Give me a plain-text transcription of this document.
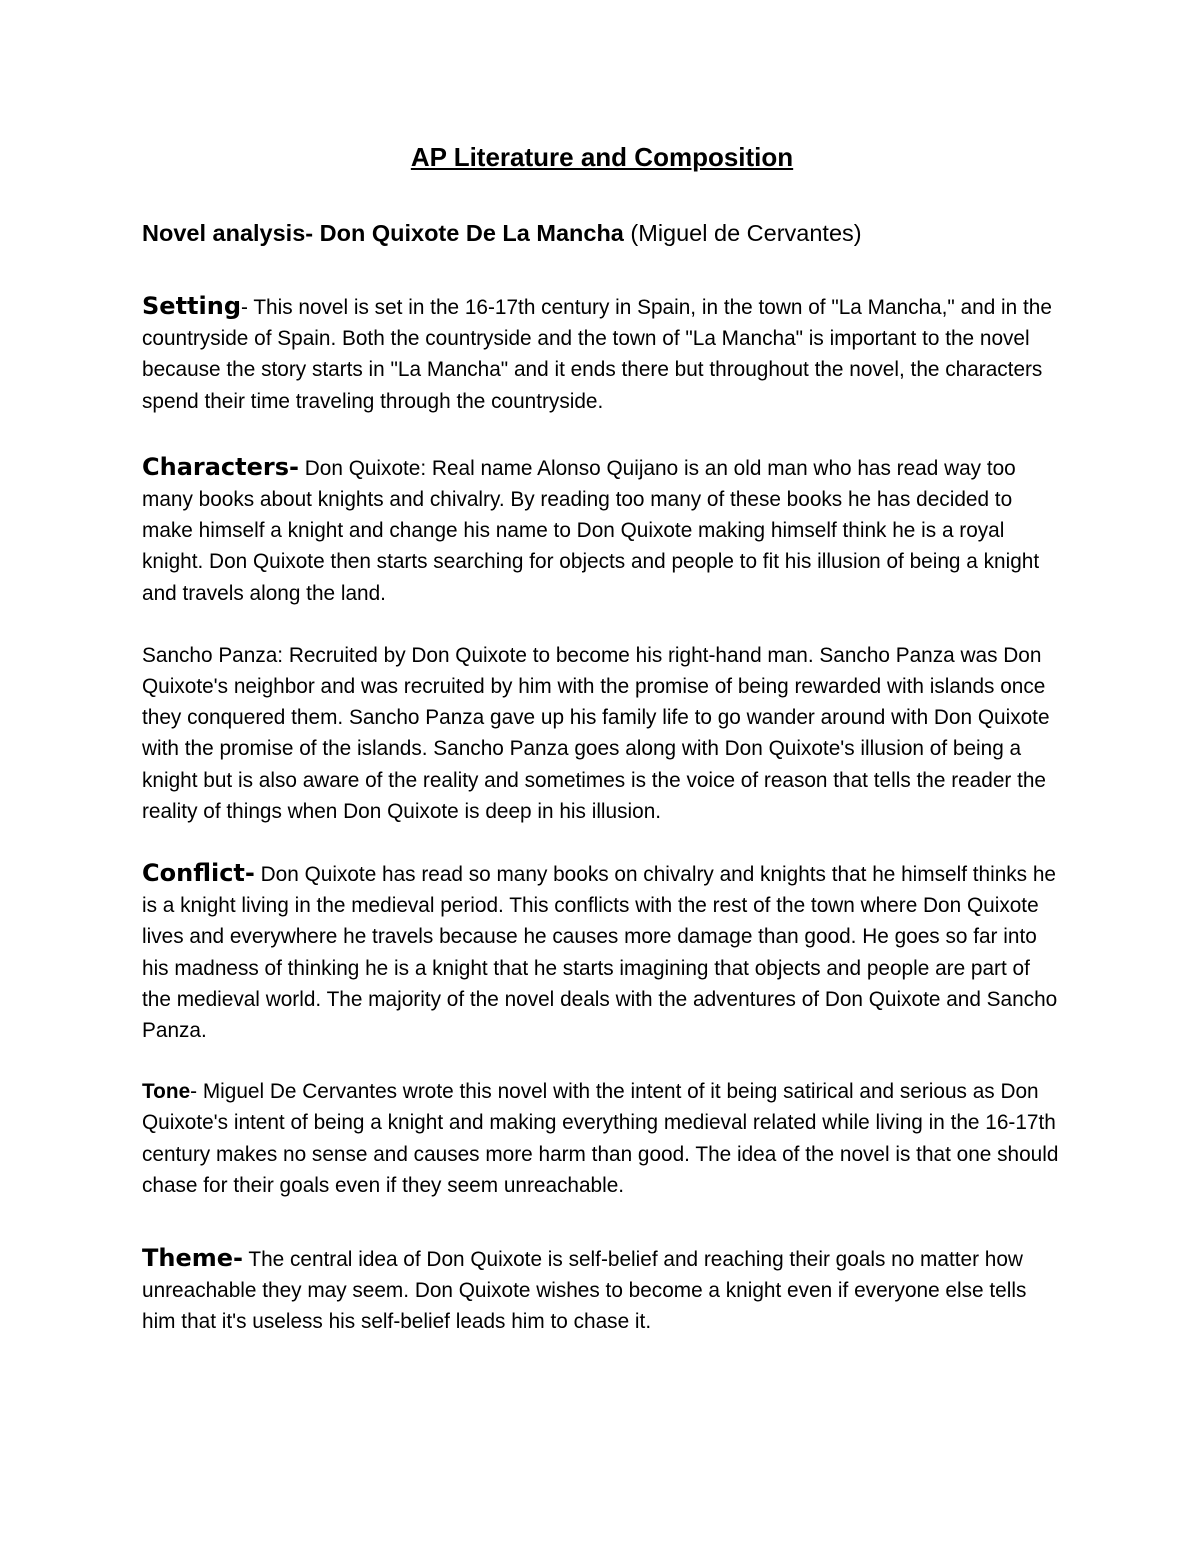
AP Literature and Composition
Novel analysis- Don Quixote De La Mancha (Miguel de Cervantes)

Setting- This novel is set in the 16-17th century in Spain, in the town of "La Mancha," and in the countryside of Spain. Both the countryside and the town of "La Mancha" is important to the novel because the story starts in "La Mancha" and it ends there but throughout the novel, the characters spend their time traveling through the countryside.

Characters- Don Quixote: Real name Alonso Quijano is an old man who has read way too many books about knights and chivalry. By reading too many of these books he has decided to make himself a knight and change his name to Don Quixote making himself think he is a royal knight. Don Quixote then starts searching for objects and people to fit his illusion of being a knight and travels along the land.

Sancho Panza: Recruited by Don Quixote to become his right-hand man. Sancho Panza was Don Quixote's neighbor and was recruited by him with the promise of being rewarded with islands once they conquered them. Sancho Panza gave up his family life to go wander around with Don Quixote with the promise of the islands. Sancho Panza goes along with Don Quixote's illusion of being a knight but is also aware of the reality and sometimes is the voice of reason that tells the reader the reality of things when Don Quixote is deep in his illusion.

Conflict- Don Quixote has read so many books on chivalry and knights that he himself thinks he is a knight living in the medieval period. This conflicts with the rest of the town where Don Quixote lives and everywhere he travels because he causes more damage than good. He goes so far into his madness of thinking he is a knight that he starts imagining that objects and people are part of the medieval world. The majority of the novel deals with the adventures of Don Quixote and Sancho Panza.

Tone- Miguel De Cervantes wrote this novel with the intent of it being satirical and serious as Don Quixote's intent of being a knight and making everything medieval related while living in the 16-17th century makes no sense and causes more harm than good. The idea of the novel is that one should chase for their goals even if they seem unreachable.

Theme- The central idea of Don Quixote is self-belief and reaching their goals no matter how unreachable they may seem. Don Quixote wishes to become a knight even if everyone else tells him that it's useless his self-belief leads him to chase it.
